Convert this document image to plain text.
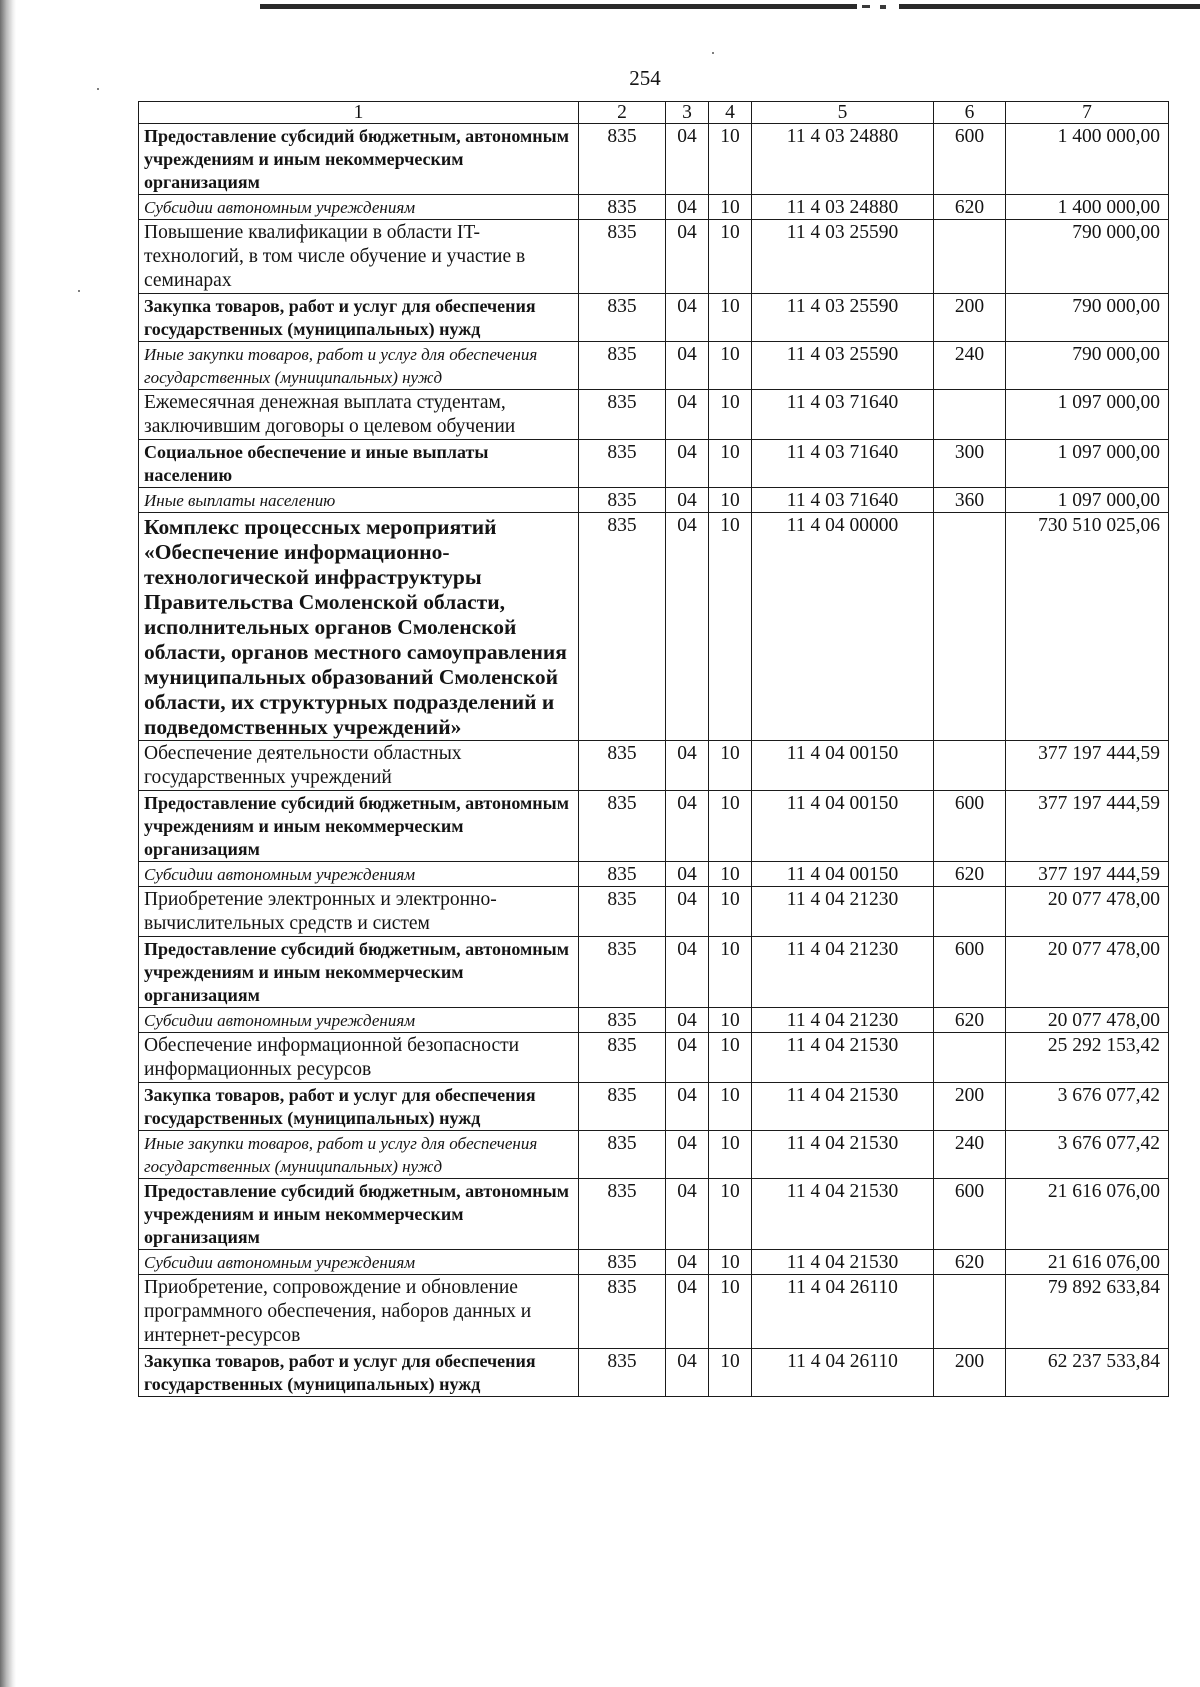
254
1	2	3	4	5	6	7
Предоставление субсидий бюджетным, автономным учреждениям и иным некоммерческим организациям	835	04	10	11 4 03 24880	600	1 400 000,00
Субсидии автономным учреждениям	835	04	10	11 4 03 24880	620	1 400 000,00
Повышение квалификации в области IT-технологий, в том числе обучение и участие в семинарах	835	04	10	11 4 03 25590		790 000,00
Закупка товаров, работ и услуг для обеспечения государственных (муниципальных) нужд	835	04	10	11 4 03 25590	200	790 000,00
Иные закупки товаров, работ и услуг для обеспечения государственных (муниципальных) нужд	835	04	10	11 4 03 25590	240	790 000,00
Ежемесячная денежная выплата студентам, заключившим договоры о целевом обучении	835	04	10	11 4 03 71640		1 097 000,00
Социальное обеспечение и иные выплаты населению	835	04	10	11 4 03 71640	300	1 097 000,00
Иные выплаты населению	835	04	10	11 4 03 71640	360	1 097 000,00
Комплекс процессных мероприятий «Обеспечение информационно-технологической инфраструктуры Правительства Смоленской области, исполнительных органов Смоленской области, органов местного самоуправления муниципальных образований Смоленской области, их структурных подразделений и подведомственных учреждений»	835	04	10	11 4 04 00000		730 510 025,06
Обеспечение деятельности областных государственных учреждений	835	04	10	11 4 04 00150		377 197 444,59
Предоставление субсидий бюджетным, автономным учреждениям и иным некоммерческим организациям	835	04	10	11 4 04 00150	600	377 197 444,59
Субсидии автономным учреждениям	835	04	10	11 4 04 00150	620	377 197 444,59
Приобретение электронных и электронно-вычислительных средств и систем	835	04	10	11 4 04 21230		20 077 478,00
Предоставление субсидий бюджетным, автономным учреждениям и иным некоммерческим организациям	835	04	10	11 4 04 21230	600	20 077 478,00
Субсидии автономным учреждениям	835	04	10	11 4 04 21230	620	20 077 478,00
Обеспечение информационной безопасности информационных ресурсов	835	04	10	11 4 04 21530		25 292 153,42
Закупка товаров, работ и услуг для обеспечения государственных (муниципальных) нужд	835	04	10	11 4 04 21530	200	3 676 077,42
Иные закупки товаров, работ и услуг для обеспечения государственных (муниципальных) нужд	835	04	10	11 4 04 21530	240	3 676 077,42
Предоставление субсидий бюджетным, автономным учреждениям и иным некоммерческим организациям	835	04	10	11 4 04 21530	600	21 616 076,00
Субсидии автономным учреждениям	835	04	10	11 4 04 21530	620	21 616 076,00
Приобретение, сопровождение и обновление программного обеспечения, наборов данных и интернет-ресурсов	835	04	10	11 4 04 26110		79 892 633,84
Закупка товаров, работ и услуг для обеспечения государственных (муниципальных) нужд	835	04	10	11 4 04 26110	200	62 237 533,84
